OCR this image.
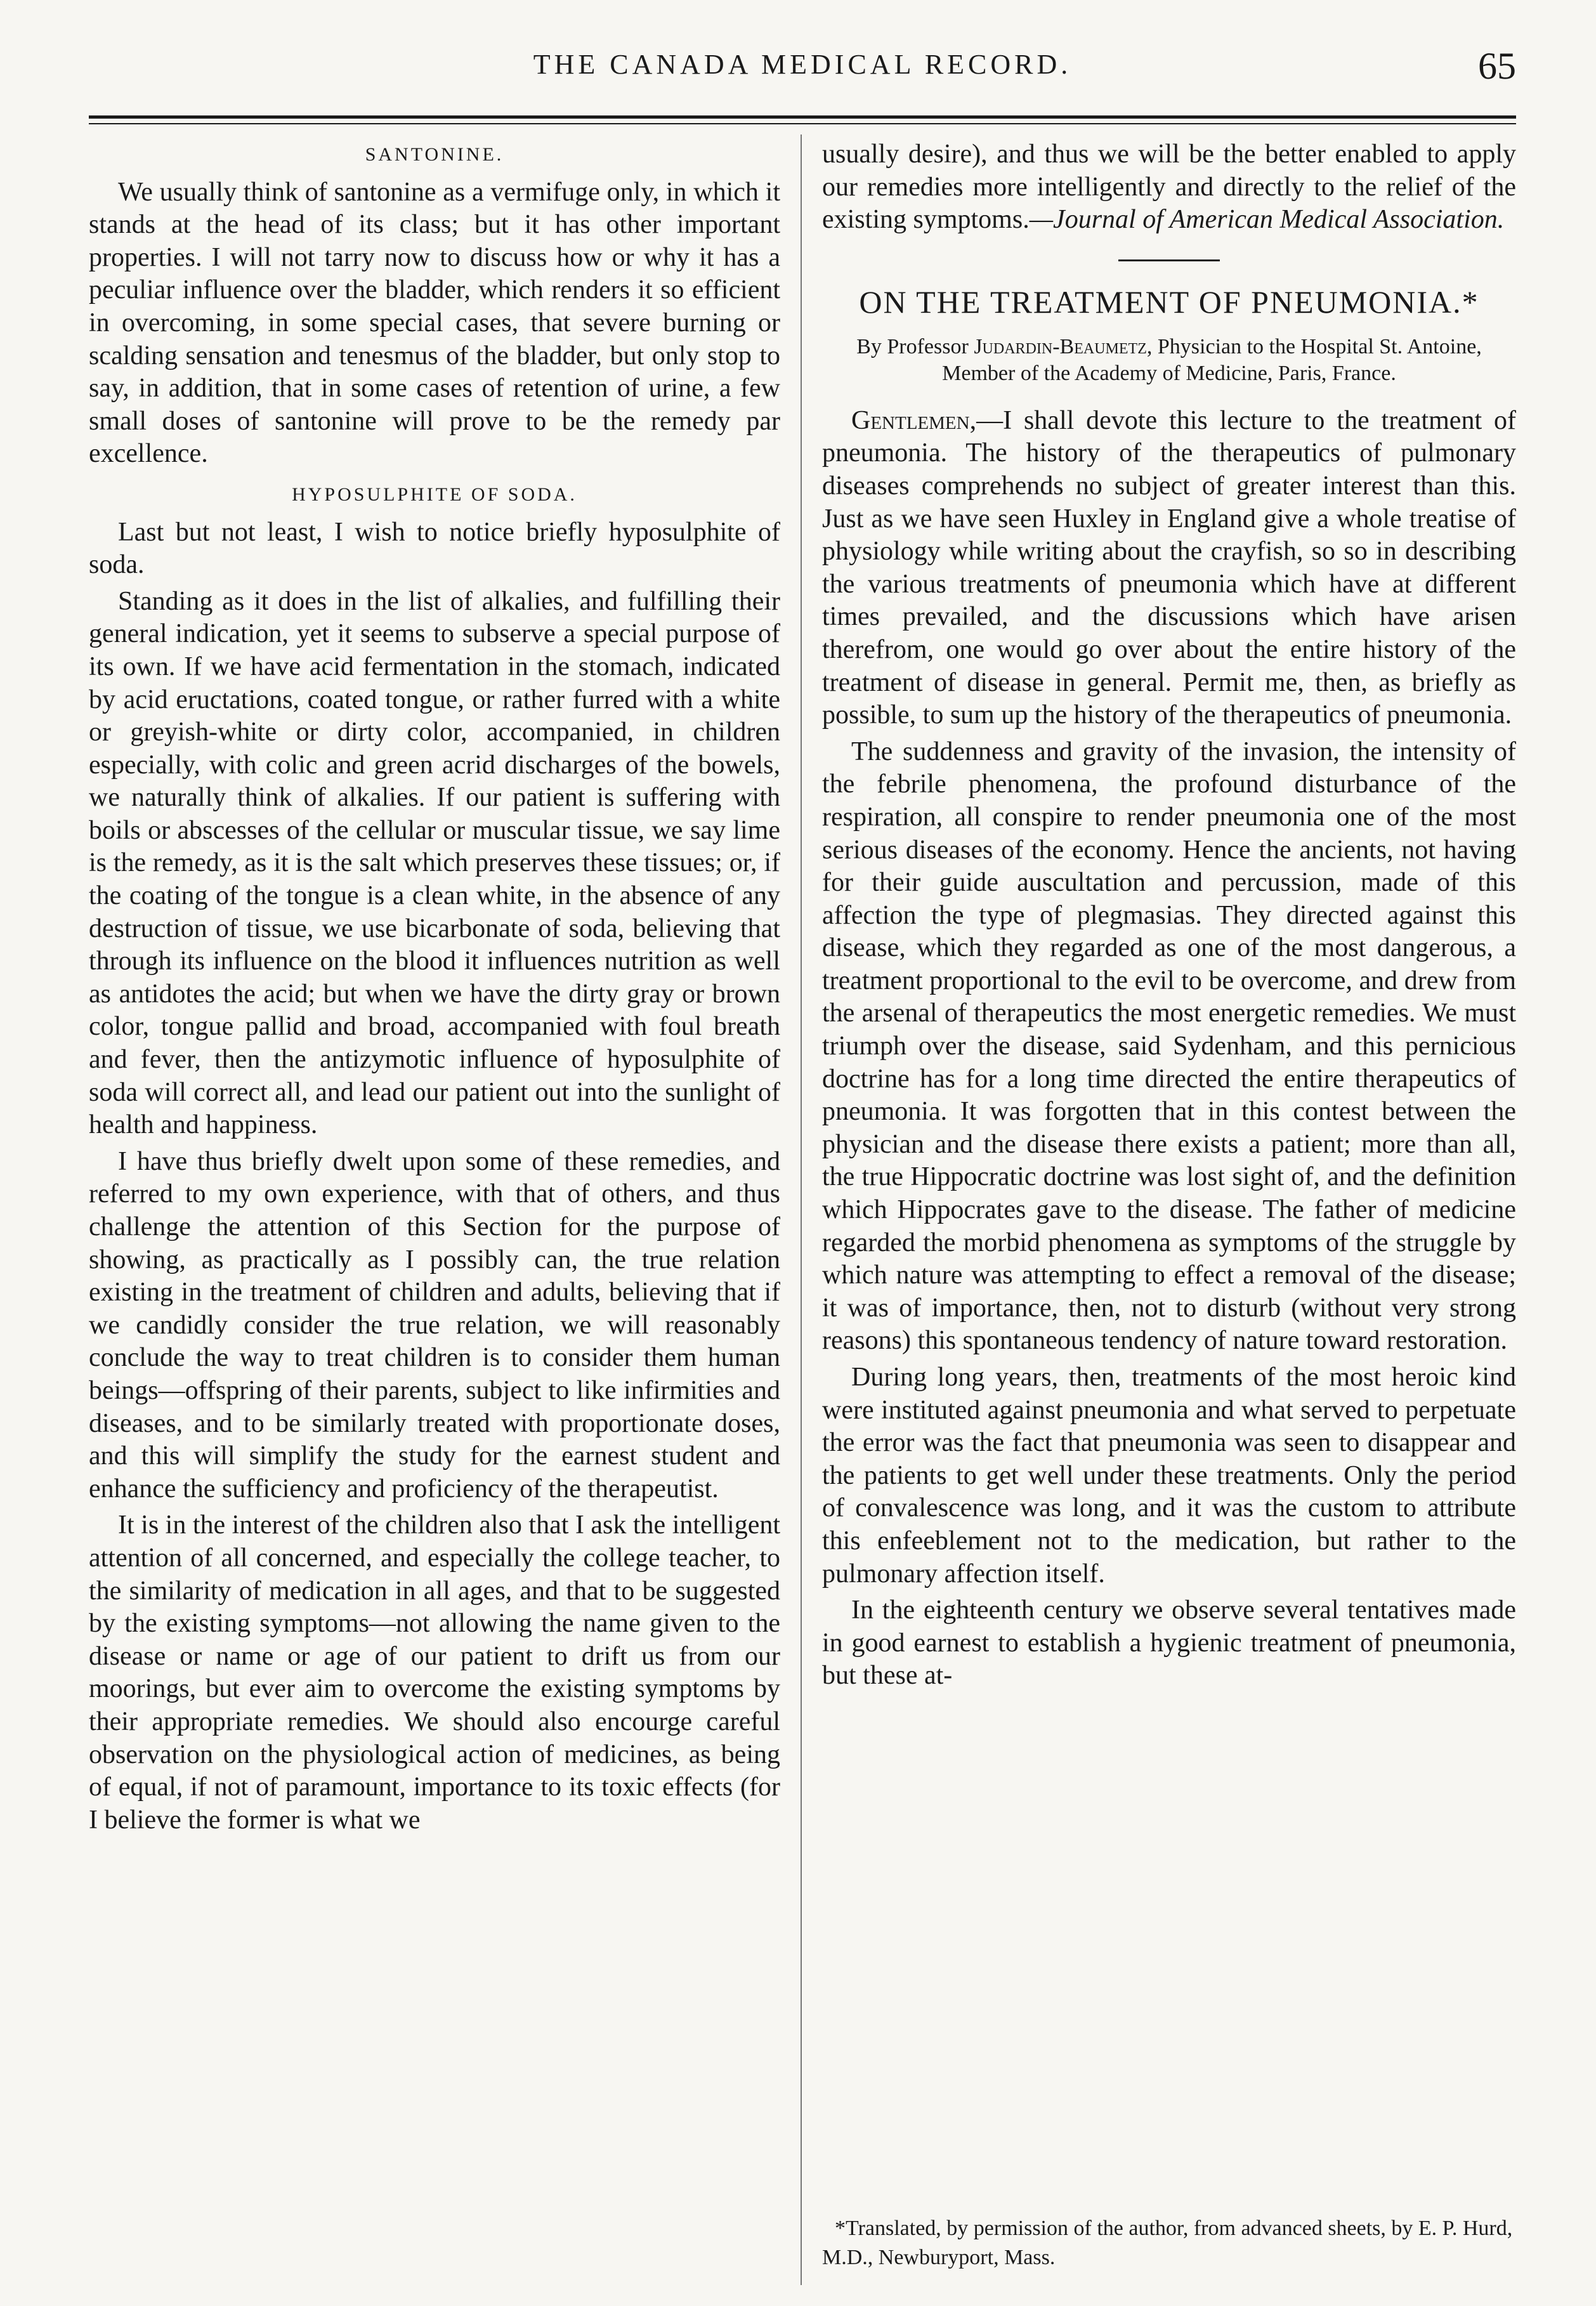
THE CANADA MEDICAL RECORD.	65
SANTONINE.

We usually think of santonine as a vermifuge only, in which it stands at the head of its class; but it has other important properties. I will not tarry now to discuss how or why it has a peculiar influence over the bladder, which renders it so efficient in overcoming, in some special cases, that severe burning or scalding sensation and tenesmus of the bladder, but only stop to say, in addition, that in some cases of retention of urine, a few small doses of santonine will prove to be the remedy par excellence.

HYPOSULPHITE OF SODA.

Last but not least, I wish to notice briefly hyposulphite of soda.

Standing as it does in the list of alkalies, and fulfilling their general indication, yet it seems to subserve a special purpose of its own. If we have acid fermentation in the stomach, indicated by acid eructations, coated tongue, or rather furred with a white or greyish-white or dirty color, accompanied, in children especially, with colic and green acrid discharges of the bowels, we naturally think of alkalies. If our patient is suffering with boils or abscesses of the cellular or muscular tissue, we say lime is the remedy, as it is the salt which preserves these tissues; or, if the coating of the tongue is a clean white, in the absence of any destruction of tissue, we use bicarbonate of soda, believing that through its influence on the blood it influences nutrition as well as antidotes the acid; but when we have the dirty gray or brown color, tongue pallid and broad, accompanied with foul breath and fever, then the antizymotic influence of hyposulphite of soda will correct all, and lead our patient out into the sunlight of health and happiness.

I have thus briefly dwelt upon some of these remedies, and referred to my own experience, with that of others, and thus challenge the attention of this Section for the purpose of showing, as practically as I possibly can, the true relation existing in the treatment of children and adults, believing that if we candidly consider the true relation, we will reasonably conclude the way to treat children is to consider them human beings—offspring of their parents, subject to like infirmities and diseases, and to be similarly treated with proportionate doses, and this will simplify the study for the earnest student and enhance the sufficiency and proficiency of the therapeutist.

It is in the interest of the children also that I ask the intelligent attention of all concerned, and especially the college teacher, to the similarity of medication in all ages, and that to be suggested by the existing symptoms—not allowing the name given to the disease or name or age of our patient to drift us from our moorings, but ever aim to overcome the existing symptoms by their appropriate remedies. We should also encourge careful observation on the physiological action of medicines, as being of equal, if not of paramount, importance to its toxic effects (for I believe the former is what we

usually desire), and thus we will be the better enabled to apply our remedies more intelligently and directly to the relief of the existing symptoms.—Journal of American Medical Association.

ON THE TREATMENT OF PNEUMONIA.*
By Professor Judardin-Beaumetz, Physician to the Hospital St. Antoine, Member of the Academy of Medicine, Paris, France.

Gentlemen,—I shall devote this lecture to the treatment of pneumonia. The history of the therapeutics of pulmonary diseases comprehends no subject of greater interest than this. Just as we have seen Huxley in England give a whole treatise of physiology while writing about the crayfish, so so in describing the various treatments of pneumonia which have at different times prevailed, and the discussions which have arisen therefrom, one would go over about the entire history of the treatment of disease in general. Permit me, then, as briefly as possible, to sum up the history of the therapeutics of pneumonia.

The suddenness and gravity of the invasion, the intensity of the febrile phenomena, the profound disturbance of the respiration, all conspire to render pneumonia one of the most serious diseases of the economy. Hence the ancients, not having for their guide auscultation and percussion, made of this affection the type of plegmasias. They directed against this disease, which they regarded as one of the most dangerous, a treatment proportional to the evil to be overcome, and drew from the arsenal of therapeutics the most energetic remedies. We must triumph over the disease, said Sydenham, and this pernicious doctrine has for a long time directed the entire therapeutics of pneumonia. It was forgotten that in this contest between the physician and the disease there exists a patient; more than all, the true Hippocratic doctrine was lost sight of, and the definition which Hippocrates gave to the disease. The father of medicine regarded the morbid phenomena as symptoms of the struggle by which nature was attempting to effect a removal of the disease; it was of importance, then, not to disturb (without very strong reasons) this spontaneous tendency of nature toward restoration.

During long years, then, treatments of the most heroic kind were instituted against pneumonia and what served to perpetuate the error was the fact that pneumonia was seen to disappear and the patients to get well under these treatments. Only the period of convalescence was long, and it was the custom to attribute this enfeeblement not to the medication, but rather to the pulmonary affection itself.

In the eighteenth century we observe several tentatives made in good earnest to establish a hygienic treatment of pneumonia, but these at-

*Translated, by permission of the author, from advanced sheets, by E. P. Hurd, M.D., Newburyport, Mass.
